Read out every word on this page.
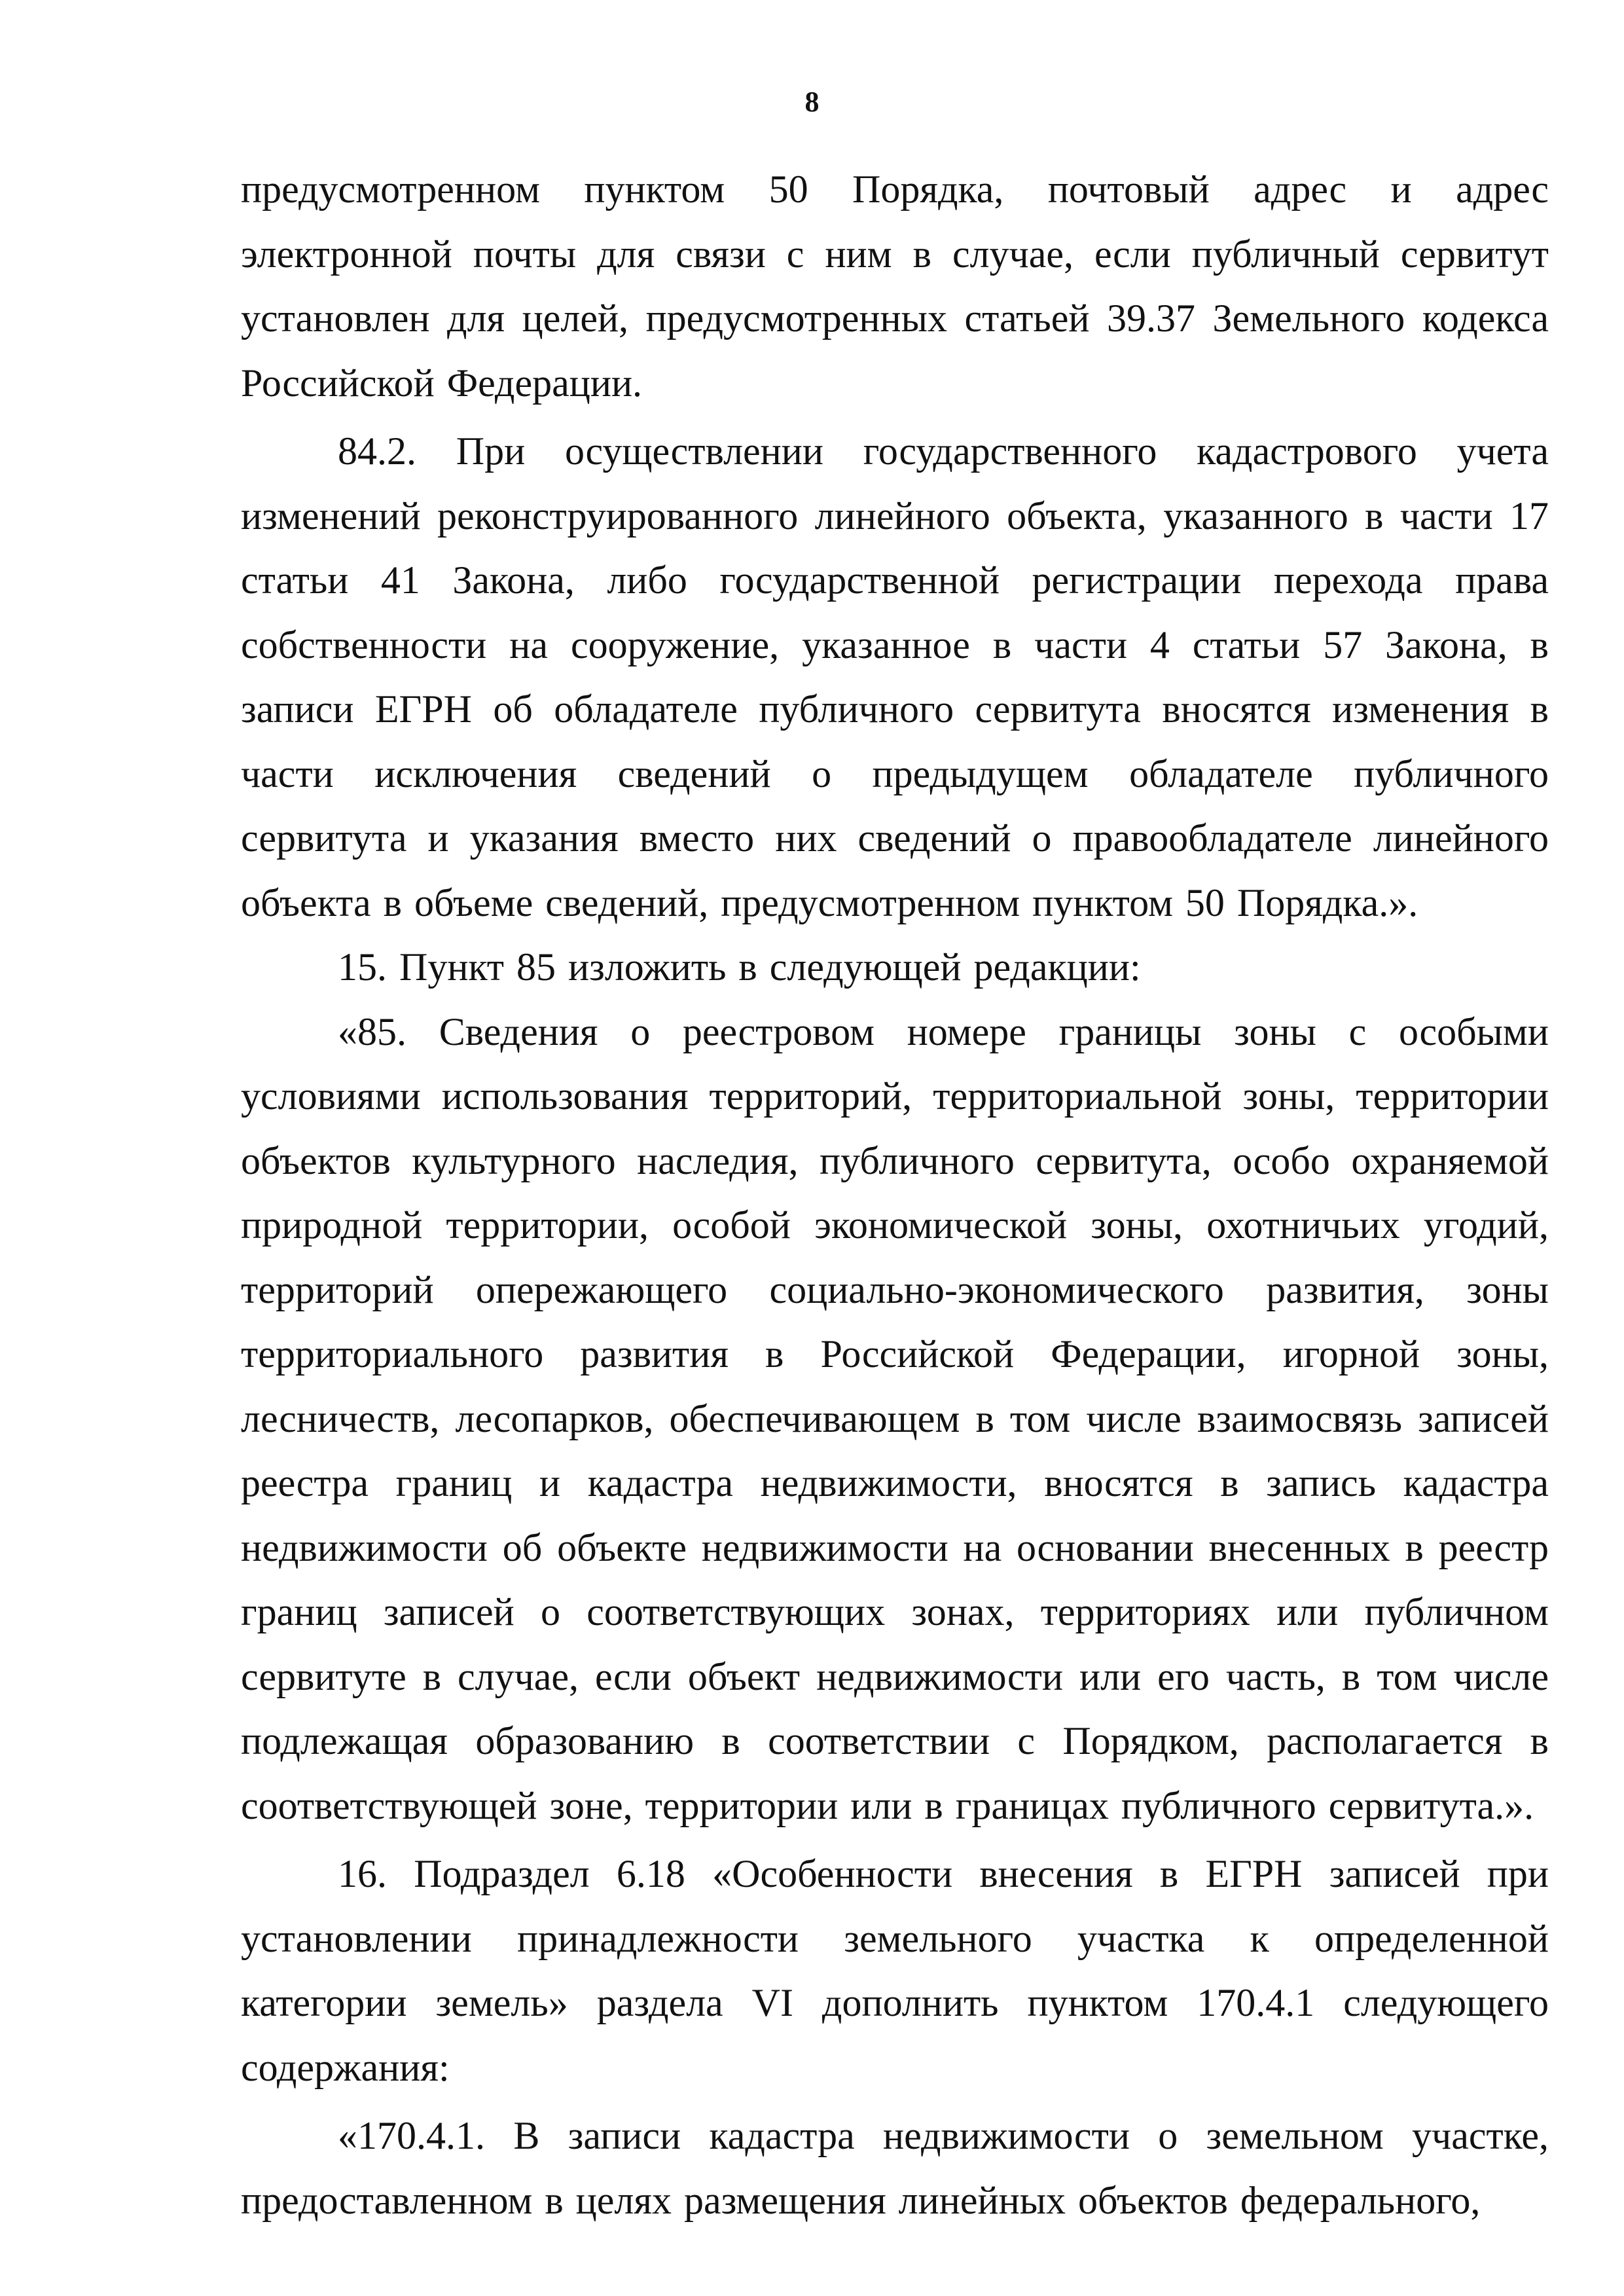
8

предусмотренном пунктом 50 Порядка, почтовый адрес и адрес электронной почты для связи с ним в случае, если публичный сервитут установлен для целей, предусмотренных статьей 39.37 Земельного кодекса Российской Федерации.

84.2. При осуществлении государственного кадастрового учета изменений реконструированного линейного объекта, указанного в части 17 статьи 41 Закона, либо государственной регистрации перехода права собственности на сооружение, указанное в части 4 статьи 57 Закона, в записи ЕГРН об обладателе публичного сервитута вносятся изменения в части исключения сведений о предыдущем обладателе публичного сервитута и указания вместо них сведений о правообладателе линейного объекта в объеме сведений, предусмотренном пунктом 50 Порядка.».

15. Пункт 85 изложить в следующей редакции:

«85. Сведения о реестровом номере границы зоны с особыми условиями использования территорий, территориальной зоны, территории объектов культурного наследия, публичного сервитута, особо охраняемой природной территории, особой экономической зоны, охотничьих угодий, территорий опережающего социально-экономического развития, зоны территориального развития в Российской Федерации, игорной зоны, лесничеств, лесопарков, обеспечивающем в том числе взаимосвязь записей реестра границ и кадастра недвижимости, вносятся в запись кадастра недвижимости об объекте недвижимости на основании внесенных в реестр границ записей о соответствующих зонах, территориях или публичном сервитуте в случае, если объект недвижимости или его часть, в том числе подлежащая образованию в соответствии с Порядком, располагается в соответствующей зоне, территории или в границах публичного сервитута.».

16. Подраздел 6.18 «Особенности внесения в ЕГРН записей при установлении принадлежности земельного участка к определенной категории земель» раздела VI дополнить пунктом 170.4.1 следующего содержания:

«170.4.1. В записи кадастра недвижимости о земельном участке, предоставленном в целях размещения линейных объектов федерального,
